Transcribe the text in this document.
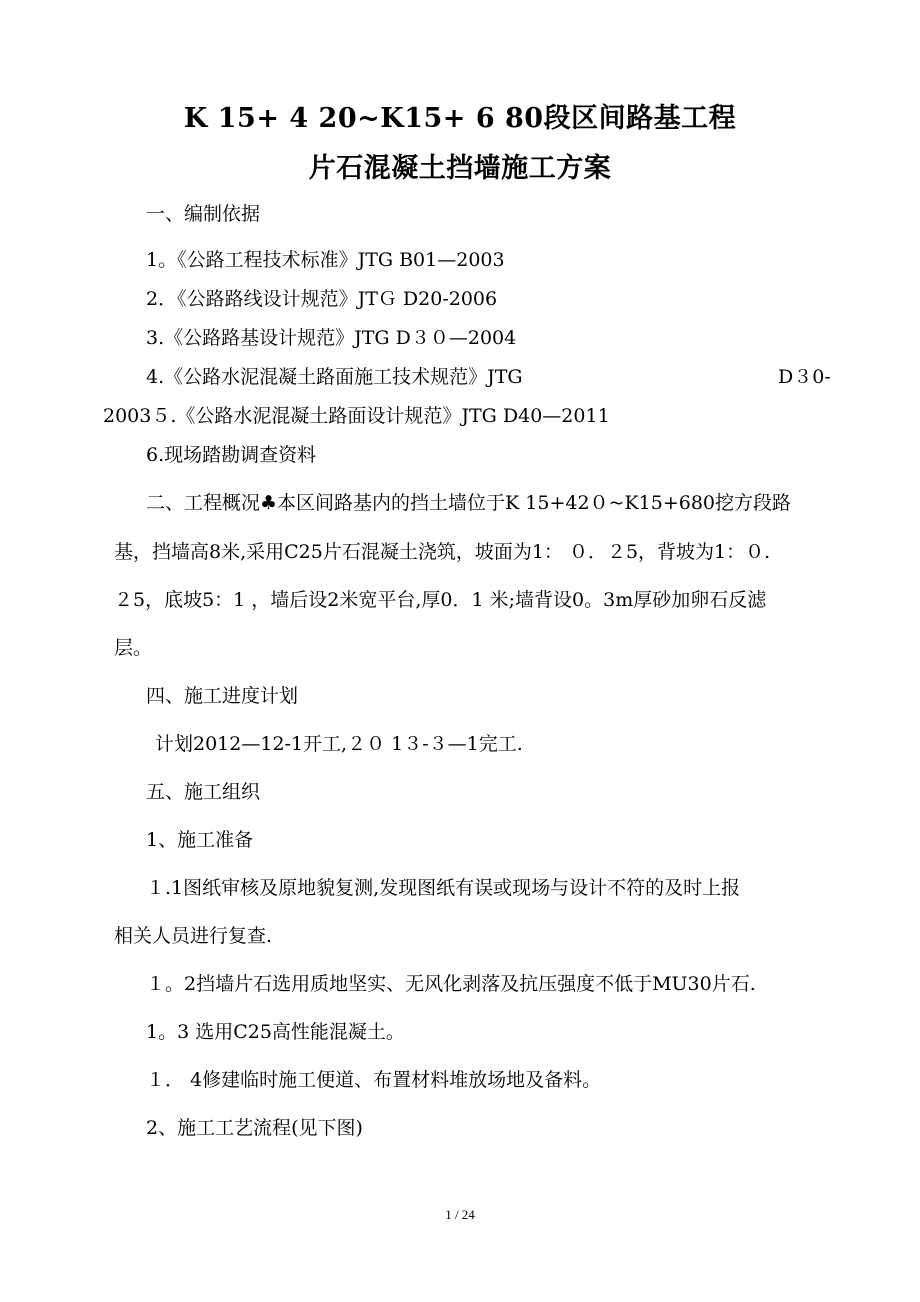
K 15+ 4 20~K15+ 6 80段区间路基工程
片石混凝土挡墙施工方案
一、编制依据
1。《公路工程技术标准》JTG B01—2003
2．《公路路线设计规范》JTＧ D20-2006
3.《公路路基设计规范》JTG D３０—2004
4.《公路水泥混凝土路面施工技术规范》JTG	D３0-
2003５.《公路水泥混凝土路面设计规范》JTG D40—2011
6.现场踏勘调查资料
二、工程概况♣本区间路基内的挡土墙位于K 15+42０~K15+680挖方段路
基，挡墙高8米,采用C25片石混凝土浇筑，坡面为1： ０．２5，背坡为1：０.
２5，底坡5：1 ，墙后设2米宽平台,厚0．1 米;墙背设0。3m厚砂加卵石反滤
层。
四、施工进度计划
计划2012—12-1开工,２０ 1３-３—1完工.
五、施工组织
1、施工准备
１.1图纸审核及原地貌复测,发现图纸有误或现场与设计不符的及时上报
相关人员进行复查.
１。2挡墙片石选用质地坚实、无风化剥落及抗压强度不低于MU30片石.
1。3 选用C25高性能混凝土。
１． 4修建临时施工便道、布置材料堆放场地及备料。
2、施工工艺流程(见下图)
1 / 24
